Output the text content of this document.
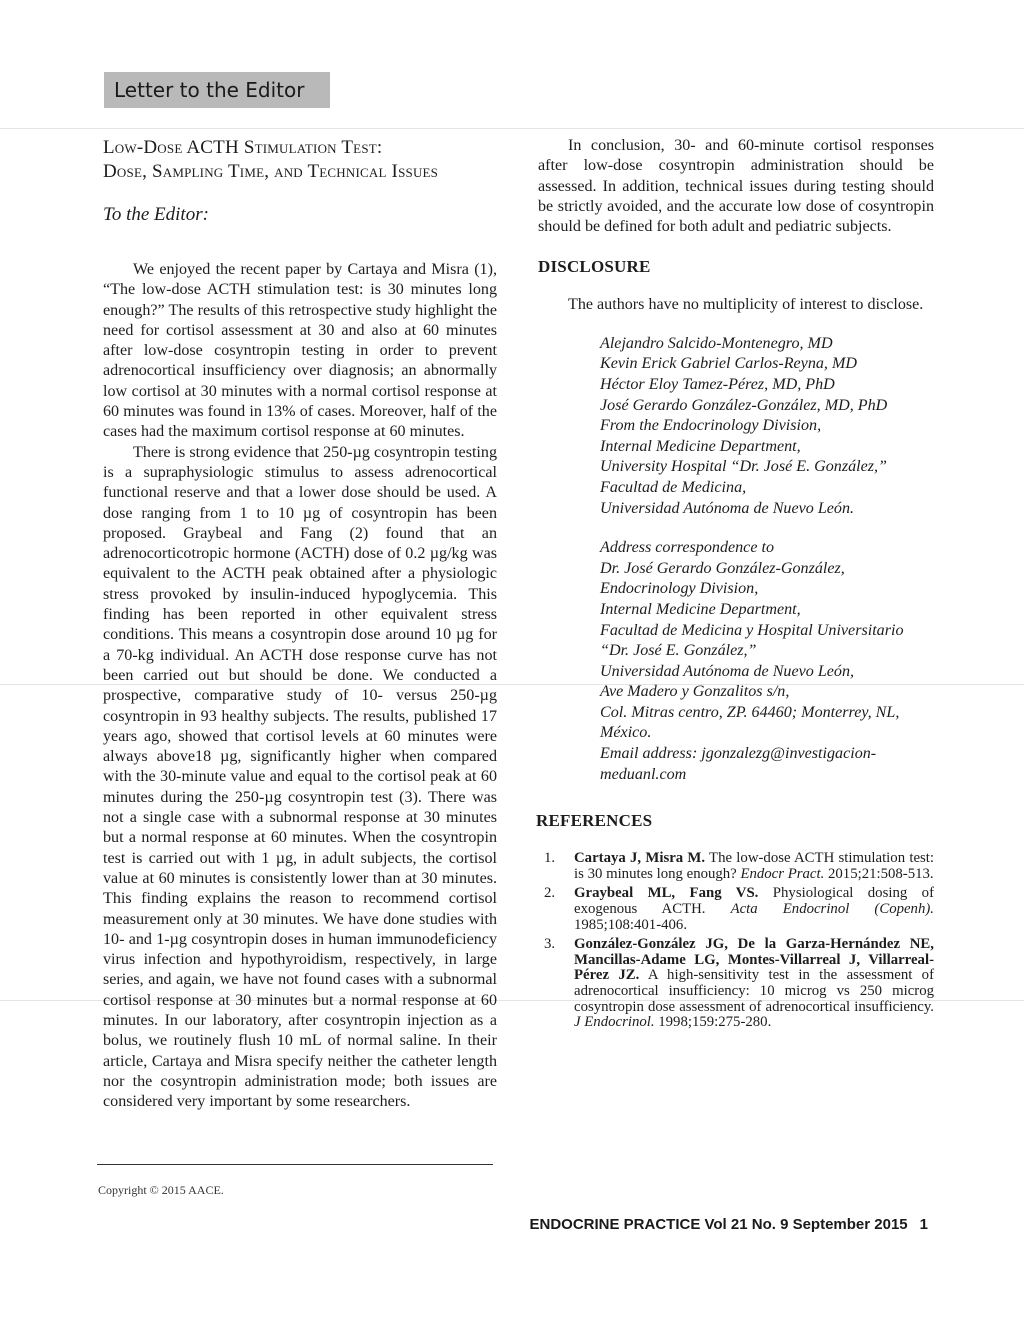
Letter to the Editor
Low-Dose ACTH Stimulation Test:
Dose, Sampling Time, and Technical Issues

To the Editor:

We enjoyed the recent paper by Cartaya and Misra (1), “The low-dose ACTH stimulation test: is 30 minutes long enough?” The results of this retrospective study highlight the need for cortisol assessment at 30 and also at 60 minutes after low-dose cosyntropin testing in order to prevent adrenocortical insufficiency over diagnosis; an abnormally low cortisol at 30 minutes with a normal cortisol response at 60 minutes was found in 13% of cases. Moreover, half of the cases had the maximum cortisol response at 60 minutes.

There is strong evidence that 250-µg cosyntropin testing is a supraphysiologic stimulus to assess adrenocortical functional reserve and that a lower dose should be used. A dose ranging from 1 to 10 µg of cosyntropin has been proposed. Graybeal and Fang (2) found that an adrenocorticotropic hormone (ACTH) dose of 0.2 µg/kg was equivalent to the ACTH peak obtained after a physiologic stress provoked by insulin-induced hypoglycemia. This finding has been reported in other equivalent stress conditions. This means a cosyntropin dose around 10 µg for a 70-kg individual. An ACTH dose response curve has not been carried out but should be done. We conducted a prospective, comparative study of 10- versus 250-µg cosyntropin in 93 healthy subjects. The results, published 17 years ago, showed that cortisol levels at 60 minutes were always above18 µg, significantly higher when compared with the 30-minute value and equal to the cortisol peak at 60 minutes during the 250-µg cosyntropin test (3). There was not a single case with a subnormal response at 30 minutes but a normal response at 60 minutes. When the cosyntropin test is carried out with 1 µg, in adult subjects, the cortisol value at 60 minutes is consistently lower than at 30 minutes. This finding explains the reason to recommend cortisol measurement only at 30 minutes. We have done studies with 10- and 1-µg cosyntropin doses in human immunodeficiency virus infection and hypothyroidism, respectively, in large series, and again, we have not found cases with a subnormal cortisol response at 30 minutes but a normal response at 60 minutes. In our laboratory, after cosyntropin injection as a bolus, we routinely flush 10 mL of normal saline. In their article, Cartaya and Misra specify neither the catheter length nor the cosyntropin administration mode; both issues are considered very important by some researchers.

In conclusion, 30- and 60-minute cortisol responses after low-dose cosyntropin administration should be assessed. In addition, technical issues during testing should be strictly avoided, and the accurate low dose of cosyntropin should be defined for both adult and pediatric subjects.

DISCLOSURE

The authors have no multiplicity of interest to disclose.

Alejandro Salcido-Montenegro, MD
Kevin Erick Gabriel Carlos-Reyna, MD
Héctor Eloy Tamez-Pérez, MD, PhD
José Gerardo González-González, MD, PhD
From the Endocrinology Division,
Internal Medicine Department,
University Hospital “Dr. José E. González,”
Facultad de Medicina,
Universidad Autónoma de Nuevo León.
Address correspondence to
Dr. José Gerardo González-González,
Endocrinology Division,
Internal Medicine Department,
Facultad de Medicina y Hospital Universitario
“Dr. José E. González,”
Universidad Autónoma de Nuevo León,
Ave Madero y Gonzalitos s/n,
Col. Mitras centro, ZP. 64460; Monterrey, NL,
México.
Email address: jgonzalezg@investigacion-
meduanl.com
REFERENCES
1. Cartaya J, Misra M. The low-dose ACTH stimulation test: is 30 minutes long enough? Endocr Pract. 2015;21:508-513.
2. Graybeal ML, Fang VS. Physiological dosing of exogenous ACTH. Acta Endocrinol (Copenh). 1985;108:401-406.
3. González-González JG, De la Garza-Hernández NE, Mancillas-Adame LG, Montes-Villarreal J, Villarreal-Pérez JZ. A high-sensitivity test in the assessment of adrenocortical insufficiency: 10 microg vs 250 microg cosyntropin dose assessment of adrenocortical insufficiency. J Endocrinol. 1998;159:275-280.
Copyright © 2015 AACE.
ENDOCRINE PRACTICE Vol 21 No. 9 September 2015 1
